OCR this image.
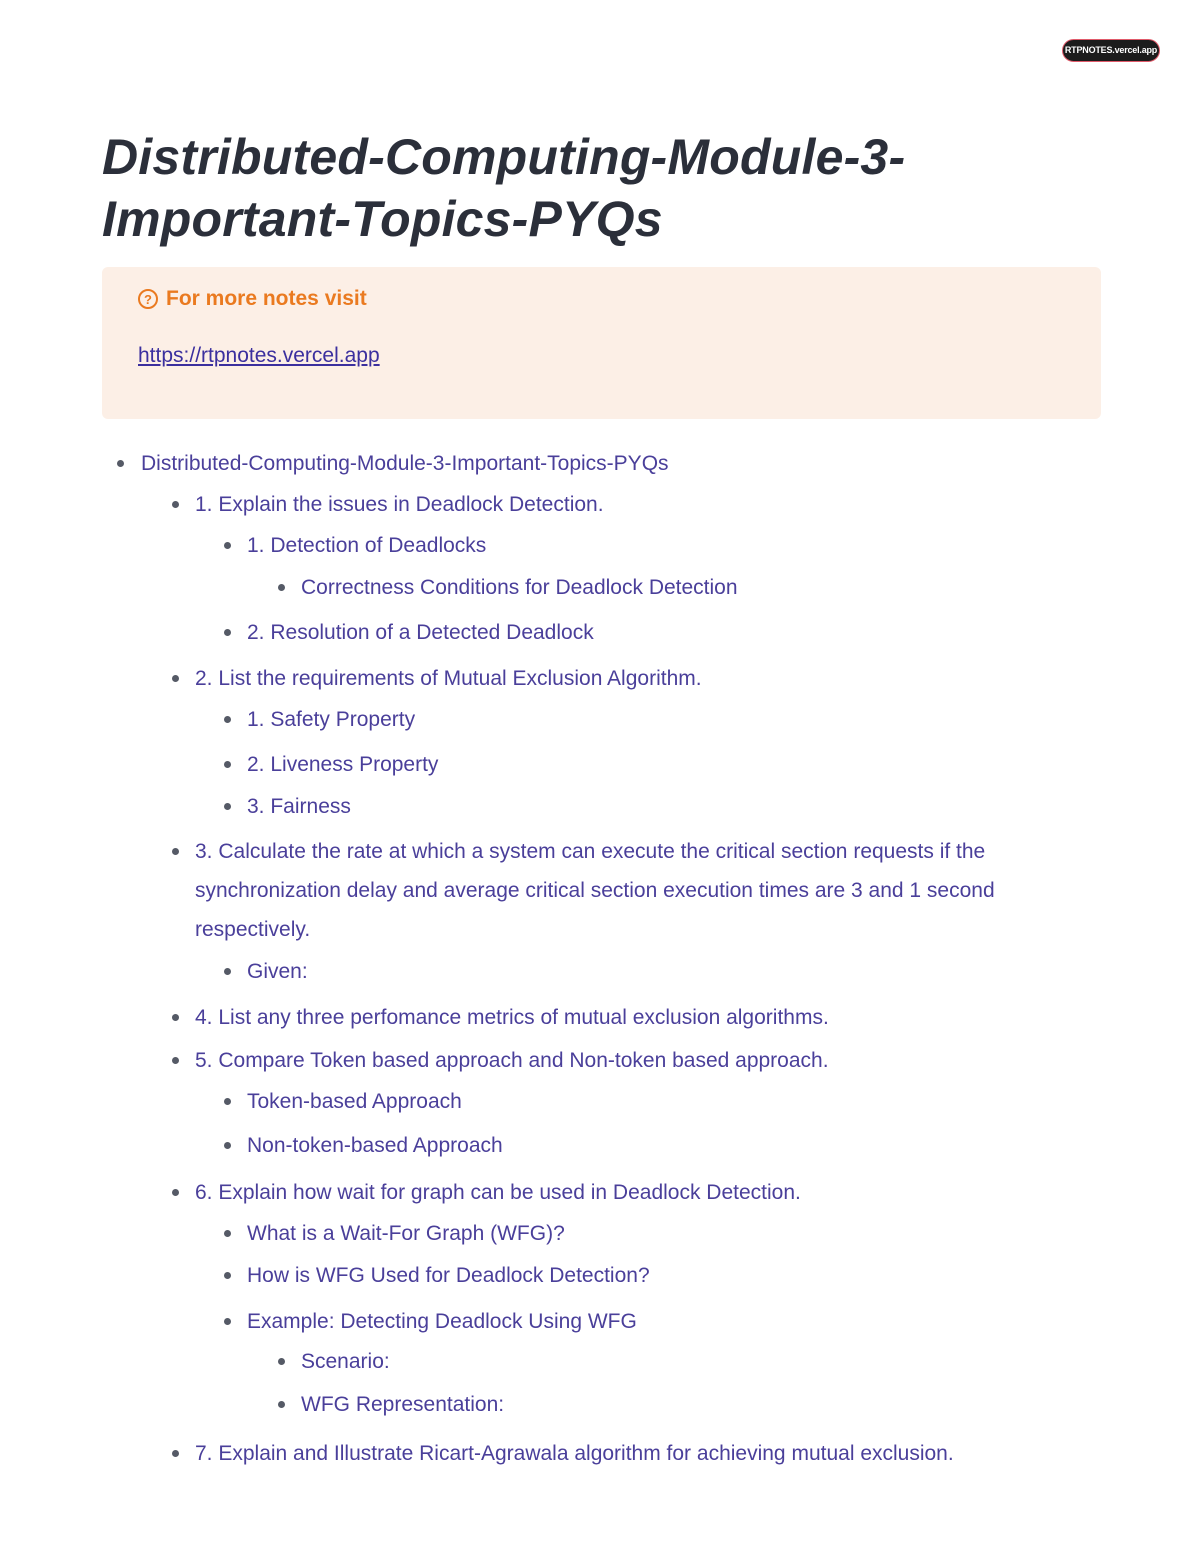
RTPNOTES.vercel.app
Distributed-Computing-Module-3-Important-Topics-PYQs
? For more notes visit
https://rtpnotes.vercel.app
Distributed-Computing-Module-3-Important-Topics-PYQs
1. Explain the issues in Deadlock Detection.
1. Detection of Deadlocks
Correctness Conditions for Deadlock Detection
2. Resolution of a Detected Deadlock
2. List the requirements of Mutual Exclusion Algorithm.
1. Safety Property
2. Liveness Property
3. Fairness
3. Calculate the rate at which a system can execute the critical section requests if the synchronization delay and average critical section execution times are 3 and 1 second respectively.
Given:
4. List any three perfomance metrics of mutual exclusion algorithms.
5. Compare Token based approach and Non-token based approach.
Token-based Approach
Non-token-based Approach
6. Explain how wait for graph can be used in Deadlock Detection.
What is a Wait-For Graph (WFG)?
How is WFG Used for Deadlock Detection?
Example: Detecting Deadlock Using WFG
Scenario:
WFG Representation:
7. Explain and Illustrate Ricart-Agrawala algorithm for achieving mutual exclusion.
